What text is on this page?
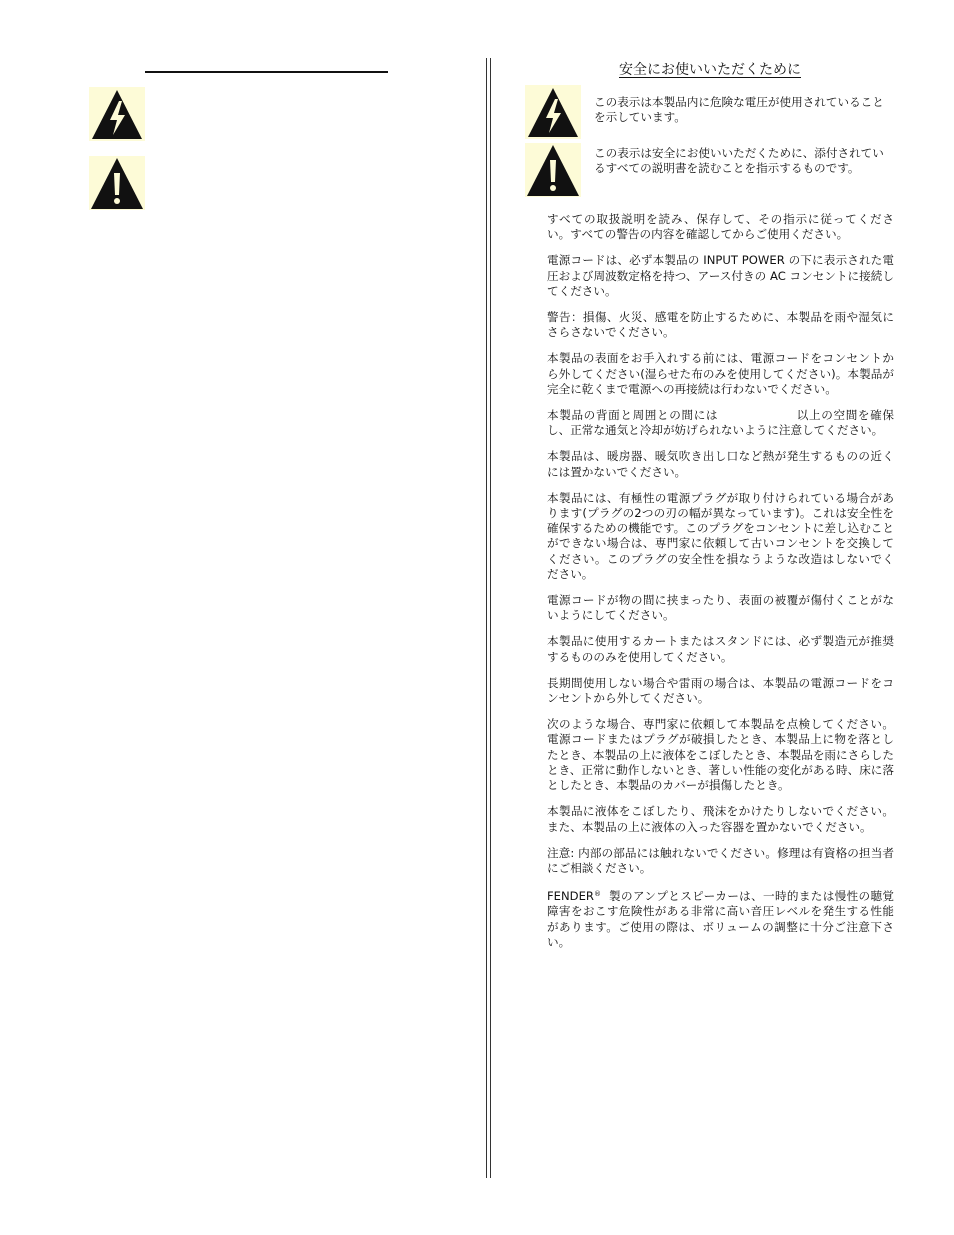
安全にお使いいただくために
この表示は本製品内に危険な電圧が使用されていることを示しています。
この表示は安全にお使いいただくために、添付されているすべての説明書を読むことを指示するものです。

すべての取扱説明を読み、保存して、その指示に従ってください。すべての警告の内容を確認してからご使用ください。

電源コードは、必ず本製品の INPUT POWER の下に表示された電圧および周波数定格を持つ、アース付きの AC コンセントに接続してください。

警告：損傷、火災、感電を防止するために、本製品を雨や湿気にさらさないでください。

本製品の表面をお手入れする前には、電源コードをコンセントから外してください(湿らせた布のみを使用してください)。本製品が完全に乾くまで電源への再接続は行わないでください。

本製品の背面と周囲との間には	以上の空間を確保し、正常な通気と冷却が妨げられないように注意してください。

本製品は、暖房器、暖気吹き出し口など熱が発生するものの近くには置かないでください。

本製品には、有極性の電源プラグが取り付けられている場合があります(プラグの2つの刃の幅が異なっています)。これは安全性を確保するための機能です。このプラグをコンセントに差し込むことができない場合は、専門家に依頼して古いコンセントを交換してください。このプラグの安全性を損なうような改造はしないでください。

電源コードが物の間に挟まったり、表面の被覆が傷付くことがないようにしてください。

本製品に使用するカートまたはスタンドには、必ず製造元が推奨するもののみを使用してください。

長期間使用しない場合や雷雨の場合は、本製品の電源コードをコンセントから外してください。

次のような場合、専門家に依頼して本製品を点検してください。電源コードまたはプラグが破損したとき、本製品上に物を落としたとき、本製品の上に液体をこぼしたとき、本製品を雨にさらしたとき、正常に動作しないとき、著しい性能の変化がある時、床に落としたとき、本製品のカバーが損傷したとき。

本製品に液体をこぼしたり、飛沫をかけたりしないでください。また、本製品の上に液体の入った容器を置かないでください。

注意: 内部の部品には触れないでください。修理は有資格の担当者にご相談ください。

FENDER® 製のアンプとスピーカーは、一時的または慢性の聴覚障害をおこす危険性がある非常に高い音圧レベルを発生する性能があります。ご使用の際は、ボリュームの調整に十分ご注意下さい。
